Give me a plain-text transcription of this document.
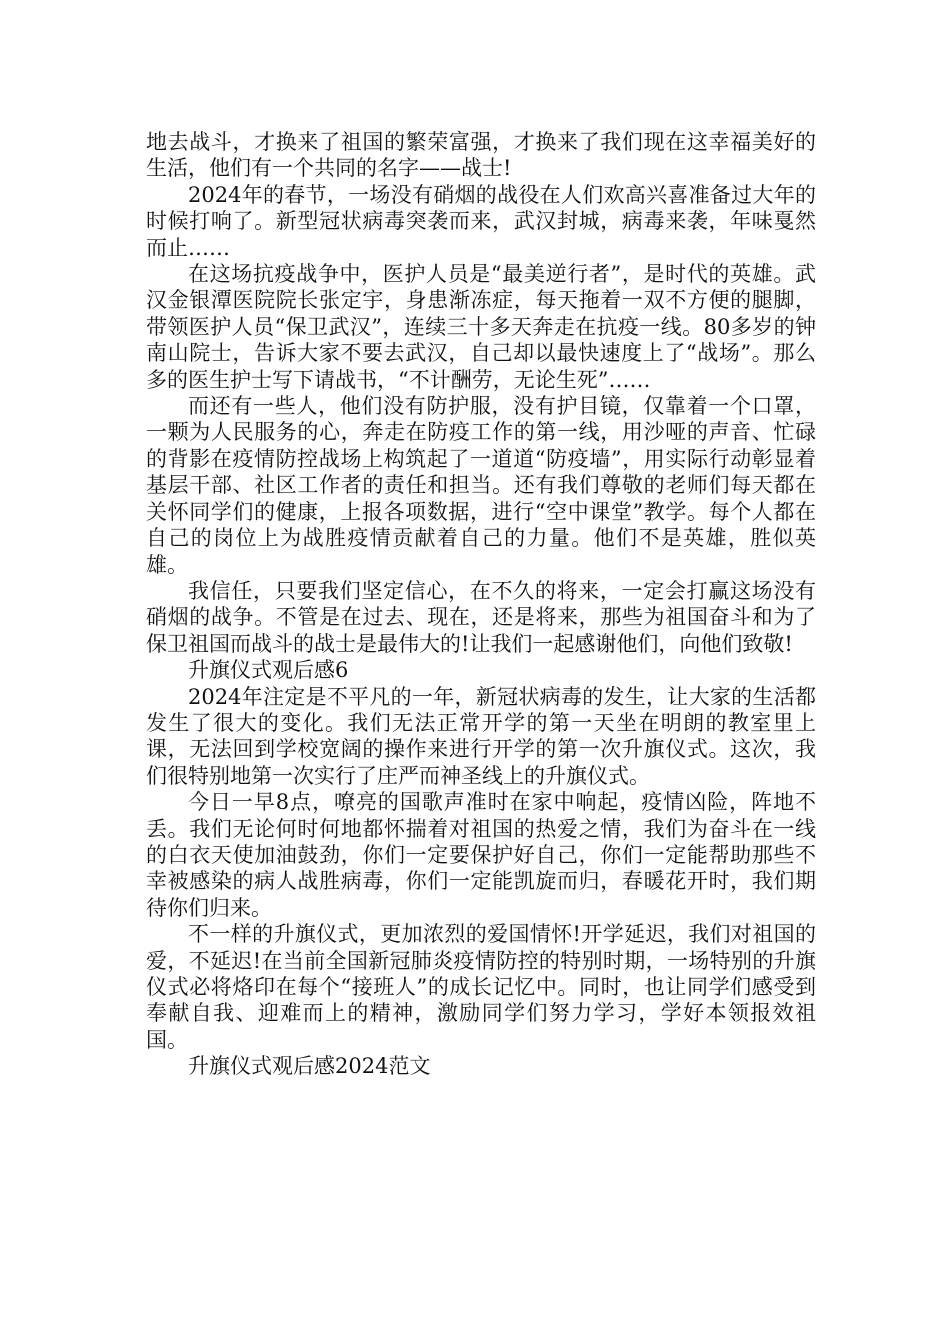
地去战斗，才换来了祖国的繁荣富强，才换来了我们现在这幸福美好的生活，他们有一个共同的名字——战士!

2024年的春节，一场没有硝烟的战役在人们欢高兴喜准备过大年的时候打响了。新型冠状病毒突袭而来，武汉封城，病毒来袭，年味戛然而止……

在这场抗疫战争中，医护人员是“最美逆行者”，是时代的英雄。武汉金银潭医院院长张定宇，身患渐冻症，每天拖着一双不方便的腿脚，带领医护人员“保卫武汉”，连续三十多天奔走在抗疫一线。80多岁的钟南山院士，告诉大家不要去武汉，自己却以最快速度上了“战场”。那么多的医生护士写下请战书，“不计酬劳，无论生死”……

而还有一些人，他们没有防护服，没有护目镜，仅靠着一个口罩，一颗为人民服务的心，奔走在防疫工作的第一线，用沙哑的声音、忙碌的背影在疫情防控战场上构筑起了一道道“防疫墙”，用实际行动彰显着基层干部、社区工作者的责任和担当。还有我们尊敬的老师们每天都在关怀同学们的健康，上报各项数据，进行“空中课堂”教学。每个人都在自己的岗位上为战胜疫情贡献着自己的力量。他们不是英雄，胜似英雄。

我信任，只要我们坚定信心，在不久的将来，一定会打赢这场没有硝烟的战争。不管是在过去、现在，还是将来，那些为祖国奋斗和为了保卫祖国而战斗的战士是最伟大的!让我们一起感谢他们，向他们致敬!

升旗仪式观后感6

2024年注定是不平凡的一年，新冠状病毒的发生，让大家的生活都发生了很大的变化。我们无法正常开学的第一天坐在明朗的教室里上课，无法回到学校宽阔的操作来进行开学的第一次升旗仪式。这次，我们很特别地第一次实行了庄严而神圣线上的升旗仪式。

今日一早8点，嘹亮的国歌声准时在家中响起，疫情凶险，阵地不丢。我们无论何时何地都怀揣着对祖国的热爱之情，我们为奋斗在一线的白衣天使加油鼓劲，你们一定要保护好自己，你们一定能帮助那些不幸被感染的病人战胜病毒，你们一定能凯旋而归，春暖花开时，我们期待你们归来。

不一样的升旗仪式，更加浓烈的爱国情怀!开学延迟，我们对祖国的爱，不延迟!在当前全国新冠肺炎疫情防控的特别时期，一场特别的升旗仪式必将烙印在每个“接班人”的成长记忆中。同时，也让同学们感受到奉献自我、迎难而上的精神，激励同学们努力学习，学好本领报效祖国。

升旗仪式观后感2024范文
